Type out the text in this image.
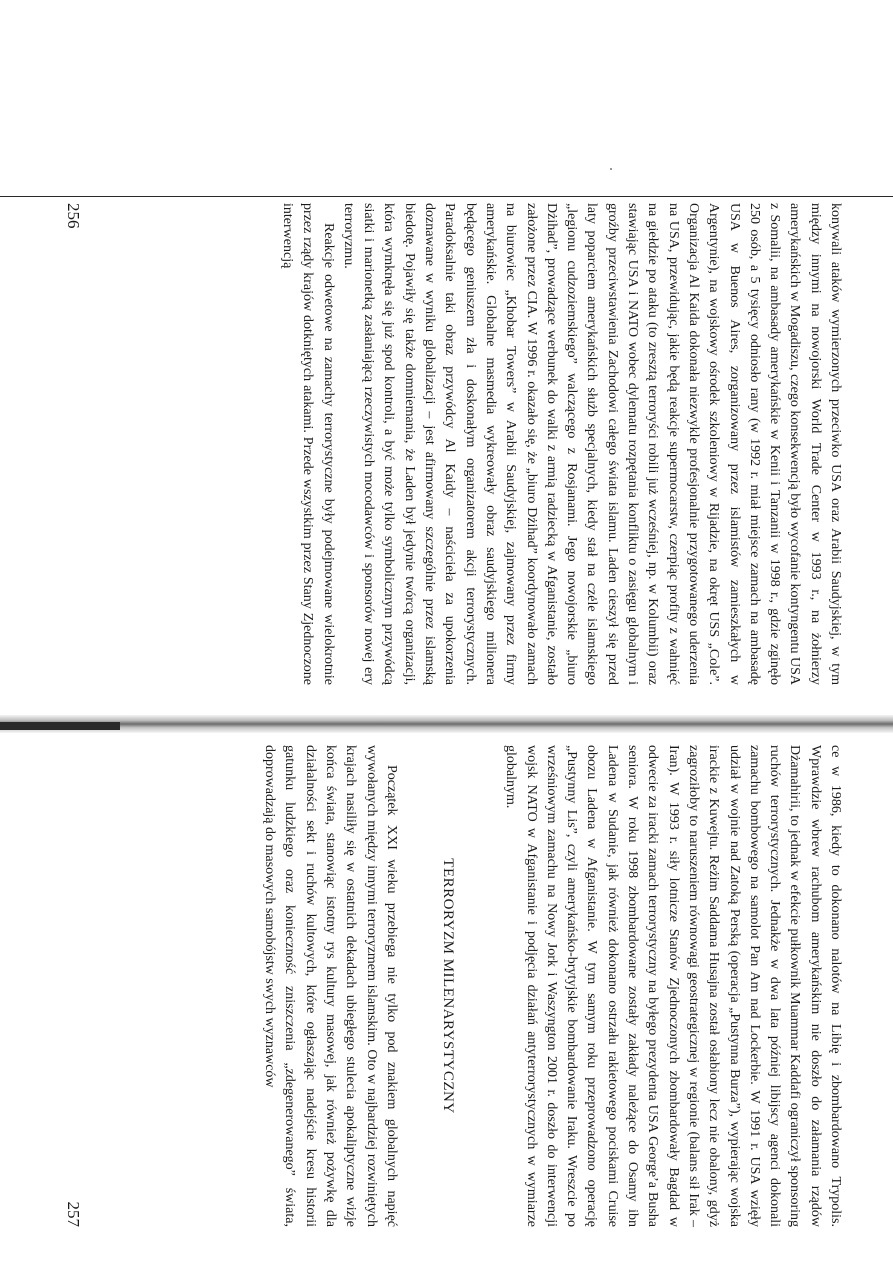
konywali ataków wymierzonych przeciwko USA oraz Arabii Saudyjskiej, w tym między innymi na nowojorski World Trade Center w 1993 r., na żołnierzy amerykańskich w Mogadiszu, czego konsekwencją było wycofanie kontyngentu USA z Somalii, na ambasady amerykańskie w Kenii i Tanzanii w 1998 r., gdzie zginęło 250 osób, a 5 tysięcy odniosło rany (w 1992 r. miał miejsce zamach na ambasadę USA w Buenos Aires, zorganizowany przez islamistów zamieszkałych w Argentynie), na wojskowy ośrodek szkoleniowy w Rijadzie, na okręt USS „Cole”. Organizacja Al Kaida dokonała niezwykle profesjonalnie przygotowanego uderzenia na USA, przewidując, jakie będą reakcje supermocarstw, czerpiąc profity z wahnięć na giełdzie po ataku (to zresztą terroryści robili już wcześniej, np. w Kolumbii) oraz stawiając USA i NATO wobec dylematu rozpętania konfliktu o zasięgu globalnym i groźby przeciwstawienia Zachodowi całego świata islamu. Laden cieszył się przed laty poparciem amerykańskich służb specjalnych, kiedy stał na czele islamskiego „legionu cudzoziemskiego” walczącego z Rosjanami. Jego nowojorskie „biuro Dżihad”, prowadzące werbunek do walki z armią radziecką w Afganistanie, zostało założone przez CIA. W 1996 r. okazało się, że „biuro Dżihad” koordynowało zamach na biurowiec „Khobar Towers” w Arabii Saudyjskiej, zajmowany przez firmy amerykańskie. Globalne masmedia wykreowały obraz saudyjskiego milionera będącego geniuszem zła i doskonałym organizatorem akcji terrorystycznych. Paradoksalnie taki obraz przywódcy Al Kaidy – naścicieła za upokorzenia doznawane w wyniku globalizacji – jest afirmowany szczególnie przez islamską biedotę. Pojawiły się także domniemania, że Laden był jedynie twórcą organizacji, która wymknęła się już spod kontroli, a być może tylko symbolicznym przywódcą siatki i marionetką zasłaniającą rzeczywistych mocodawców i sponsorów nowej ery terroryzmu.

Reakcje odwetowe na zamachy terrorystyczne były podejmowane wielokrotnie przez rządy krajów dotkniętych atakami. Przede wszystkim przez Stany Zjednoczone interwencją

256

ce w 1986, kiedy to dokonano nalotów na Libię i zbombardowano Trypolis. Wprawdzie wbrew rachubom amerykańskim nie doszło do załamania rządów Dżamahirii, to jednak w efekcie pułkownik Muammar Kaddafi ograniczył sponsoring ruchów terrorystycznych. Jednakże w dwa lata później libijscy agenci dokonali zamachu bombowego na samolot Pan Am nad Lockerbie. W 1991 r. USA wzięły udział w wojnie nad Zatoką Perską (operacja „Pustynna Burza”), wypierając wojska irackie z Kuwejtu. Reżim Saddama Husajna został osłabiony lecz nie obalony, gdyż zagroziłoby to naruszeniem równowagi geostrategicznej w regionie (balans sił Irak – Iran). W 1993 r. siły lotnicze Stanów Zjednoczonych zbombardowały Bagdad w odwecie za iracki zamach terrorystyczny na byłego prezydenta USA George’a Busha seniora. W roku 1998 zbombardowane zostały zakłady należące do Osamy ibn Ladena w Sudanie, jak również dokonano ostrzału rakietowego pociskami Cruise obozu Ladena w Afganistanie. W tym samym roku przeprowadzono operację „Pustynny Lis”, czyli amerykańsko-brytyjskie bombardowanie Iraku. Wreszcie po wrześniowym zamachu na Nowy Jork i Waszyngton 2001 r. doszło do interwencji wojsk NATO w Afganistanie i podjęcia działań antyterrorystycznych w wymiarze globalnym.

TERRORYZM MILENARYSTYCZNY

Początek XXI wieku przebiega nie tylko pod znakiem globalnych napięć wywołanych między innymi terroryzmem islamskim. Oto w najbardziej rozwiniętych krajach nasiliły się w ostatnich dekadach ubiegłego stulecia apokaliptyczne wizje końca świata, stanowiąc istotny rys kultury masowej, jak również pożywkę dla działalności sekt i ruchów kultowych, które ogłaszając nadejście kresu historii gatunku ludzkiego oraz konieczność zniszczenia „zdegenerowanego” świata, doprowadzają do masowych samobójstw swych wyznawców

257
